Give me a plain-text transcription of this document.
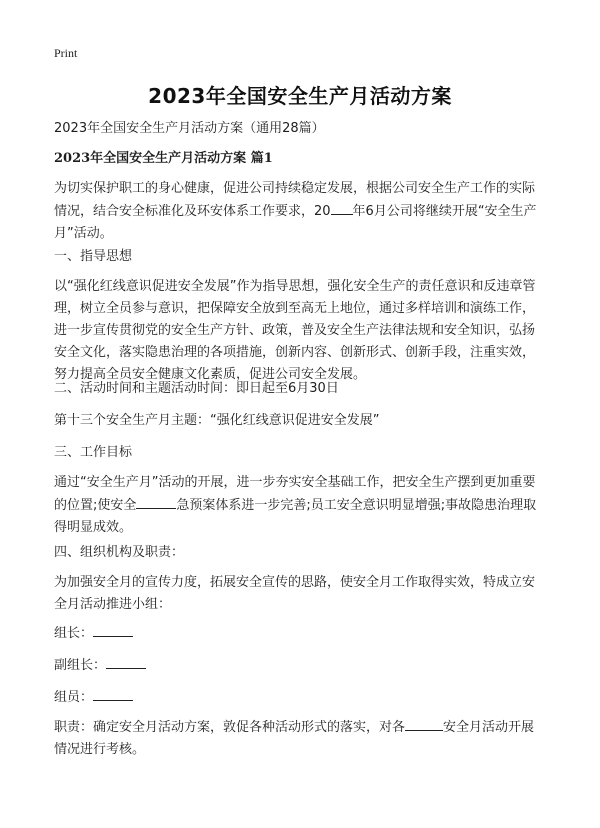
Print
2023年全国安全生产月活动方案
2023年全国安全生产月活动方案（通用28篇）
2023年全国安全生产月活动方案 篇1
为切实保护职工的身心健康，促进公司持续稳定发展，根据公司安全生产工作的实际情况，结合安全标准化及环安体系工作要求，20 年6月公司将继续开展“安全生产月”活动。
一、指导思想
以“强化红线意识促进安全发展”作为指导思想，强化安全生产的责任意识和反违章管理，树立全员参与意识，把保障安全放到至高无上地位，通过多样培训和演练工作，进一步宣传贯彻党的安全生产方针、政策，普及安全生产法律法规和安全知识，弘扬安全文化，落实隐患治理的各项措施，创新内容、创新形式、创新手段，注重实效，努力提高全员安全健康文化素质，促进公司安全发展。
二、活动时间和主题活动时间：即日起至6月30日
第十三个安全生产月主题：“强化红线意识促进安全发展”
三、工作目标
通过“安全生产月”活动的开展，进一步夯实安全基础工作，把安全生产摆到更加重要的位置;使安全	急预案体系进一步完善;员工安全意识明显增强;事故隐患治理取得明显成效。
四、组织机构及职责：
为加强安全月的宣传力度，拓展安全宣传的思路，使安全月工作取得实效，特成立安全月活动推进小组：
组长：
副组长：
组员：
职责：确定安全月活动方案，敦促各种活动形式的落实，对各	安全月活动开展情况进行考核。
